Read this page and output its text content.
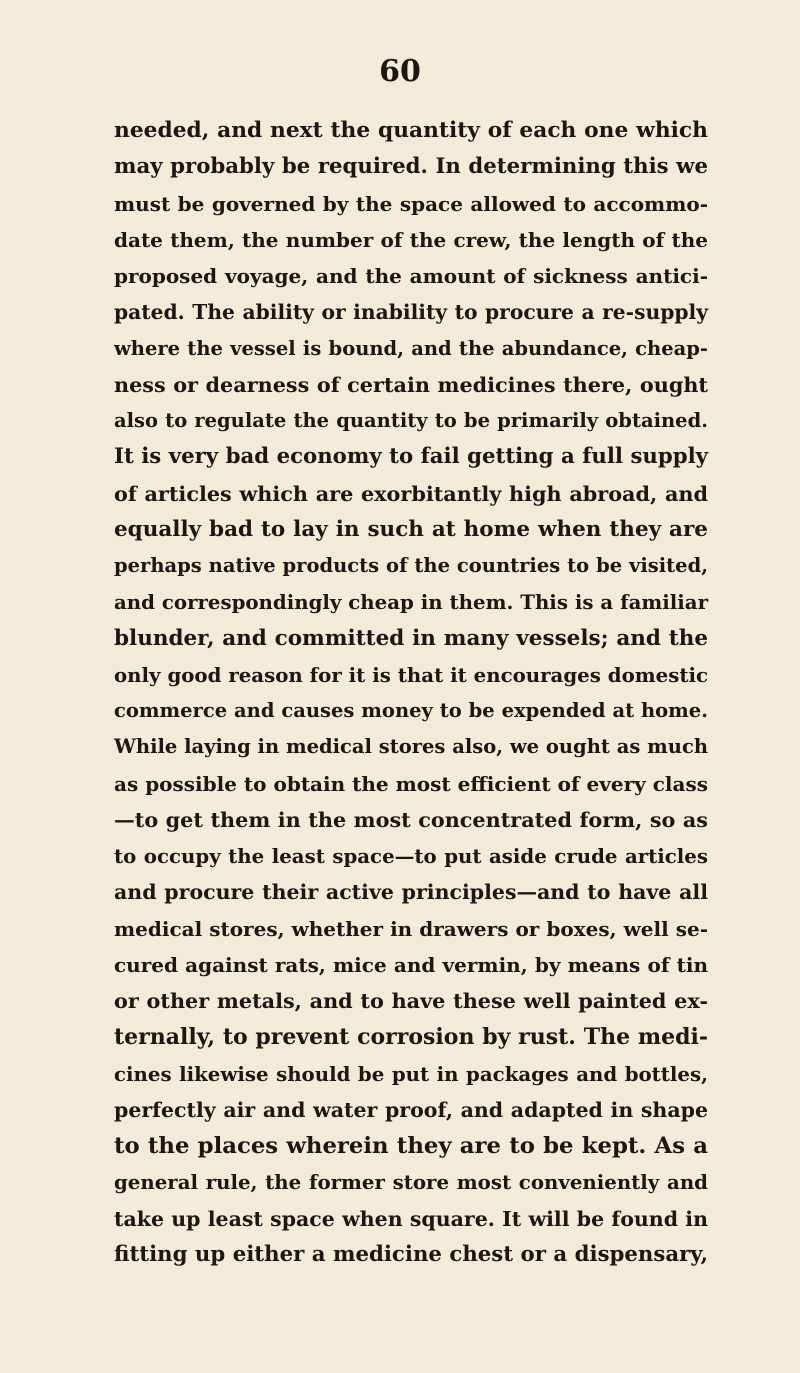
60
needed, and next the quantity of each one which
may probably be required. In determining this we
must be governed by the space allowed to accommo-
date them, the number of the crew, the length of the
proposed voyage, and the amount of sickness antici-
pated. The ability or inability to procure a re-supply
where the vessel is bound, and the abundance, cheap-
ness or dearness of certain medicines there, ought
also to regulate the quantity to be primarily obtained.
It is very bad economy to fail getting a full supply
of articles which are exorbitantly high abroad, and
equally bad to lay in such at home when they are
perhaps native products of the countries to be visited,
and correspondingly cheap in them. This is a familiar
blunder, and committed in many vessels; and the
only good reason for it is that it encourages domestic
commerce and causes money to be expended at home.
While laying in medical stores also, we ought as much
as possible to obtain the most efficient of every class
—to get them in the most concentrated form, so as
to occupy the least space—to put aside crude articles
and procure their active principles—and to have all
medical stores, whether in drawers or boxes, well se-
cured against rats, mice and vermin, by means of tin
or other metals, and to have these well painted ex-
ternally, to prevent corrosion by rust. The medi-
cines likewise should be put in packages and bottles,
perfectly air and water proof, and adapted in shape
to the places wherein they are to be kept. As a
general rule, the former store most conveniently and
take up least space when square. It will be found in
fitting up either a medicine chest or a dispensary,
